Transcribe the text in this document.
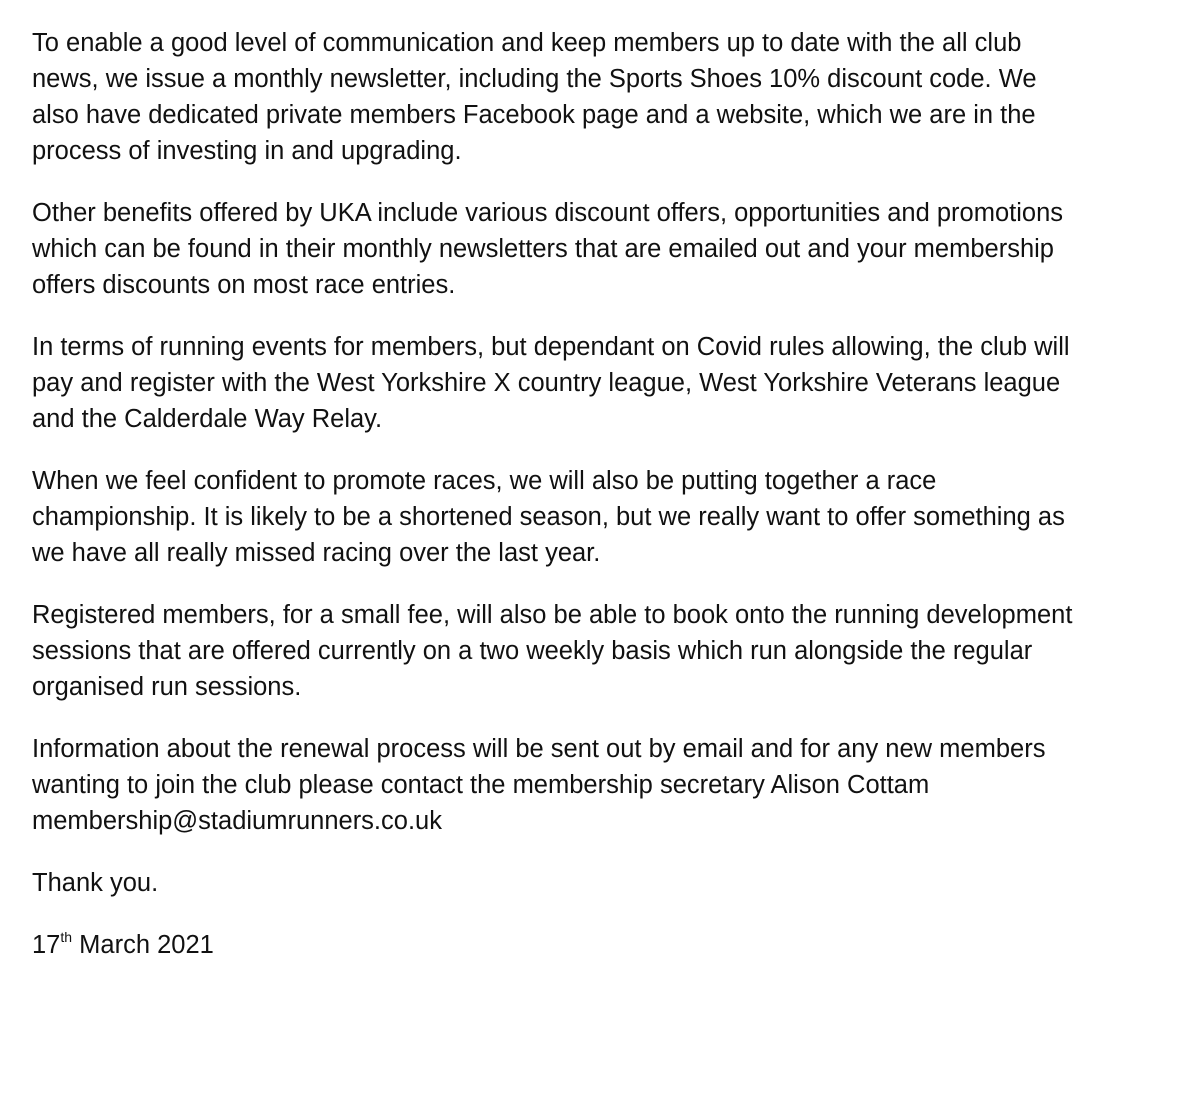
To enable a good level of communication and keep members up to date with the all club
news, we issue a monthly newsletter, including the Sports Shoes 10% discount code. We
also have dedicated private members Facebook page and a website, which we are in the
process of investing in and upgrading.

Other benefits offered by UKA include various discount offers, opportunities and promotions
which can be found in their monthly newsletters that are emailed out and your membership
offers discounts on most race entries.

In terms of running events for members, but dependant on Covid rules allowing, the club will
pay and register with the West Yorkshire X country league, West Yorkshire Veterans league
and the Calderdale Way Relay.

When we feel confident to promote races, we will also be putting together a race
championship. It is likely to be a shortened season, but we really want to offer something as
we have all really missed racing over the last year.

Registered members, for a small fee, will also be able to book onto the running development
sessions that are offered currently on a two weekly basis which run alongside the regular
organised run sessions.

Information about the renewal process will be sent out by email and for any new members
wanting to join the club please contact the membership secretary Alison Cottam
membership@stadiumrunners.co.uk

Thank you.

17th March 2021
